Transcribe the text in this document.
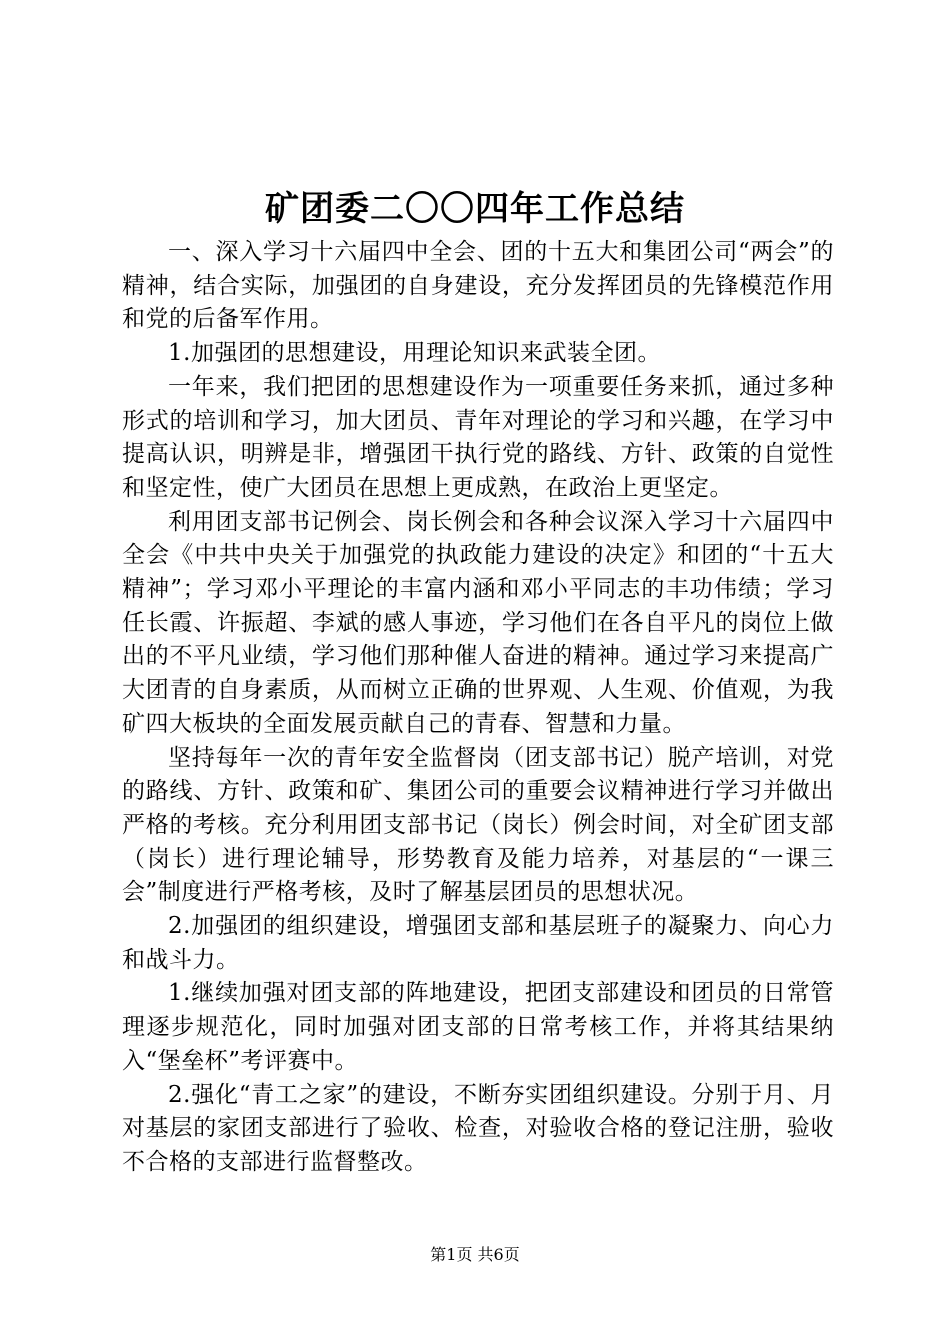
矿团委二〇〇四年工作总结

一、深入学习十六届四中全会、团的十五大和集团公司“两会”的精神，结合实际，加强团的自身建设，充分发挥团员的先锋模范作用和党的后备军作用。

1.加强团的思想建设，用理论知识来武装全团。

一年来，我们把团的思想建设作为一项重要任务来抓，通过多种形式的培训和学习，加大团员、青年对理论的学习和兴趣，在学习中提高认识，明辨是非，增强团干执行党的路线、方针、政策的自觉性和坚定性，使广大团员在思想上更成熟，在政治上更坚定。

利用团支部书记例会、岗长例会和各种会议深入学习十六届四中全会《中共中央关于加强党的执政能力建设的决定》和团的“十五大精神”；学习邓小平理论的丰富内涵和邓小平同志的丰功伟绩；学习任长霞、许振超、李斌的感人事迹，学习他们在各自平凡的岗位上做出的不平凡业绩，学习他们那种催人奋进的精神。通过学习来提高广大团青的自身素质，从而树立正确的世界观、人生观、价值观，为我矿四大板块的全面发展贡献自己的青春、智慧和力量。

坚持每年一次的青年安全监督岗（团支部书记）脱产培训，对党的路线、方针、政策和矿、集团公司的重要会议精神进行学习并做出严格的考核。充分利用团支部书记（岗长）例会时间，对全矿团支部（岗长）进行理论辅导，形势教育及能力培养，对基层的“一课三会”制度进行严格考核，及时了解基层团员的思想状况。

2.加强团的组织建设，增强团支部和基层班子的凝聚力、向心力和战斗力。

1.继续加强对团支部的阵地建设，把团支部建设和团员的日常管理逐步规范化，同时加强对团支部的日常考核工作，并将其结果纳入“堡垒杯”考评赛中。

2.强化“青工之家”的建设，不断夯实团组织建设。分别于月、月对基层的家团支部进行了验收、检查，对验收合格的登记注册，验收不合格的支部进行监督整改。

第1页 共6页
